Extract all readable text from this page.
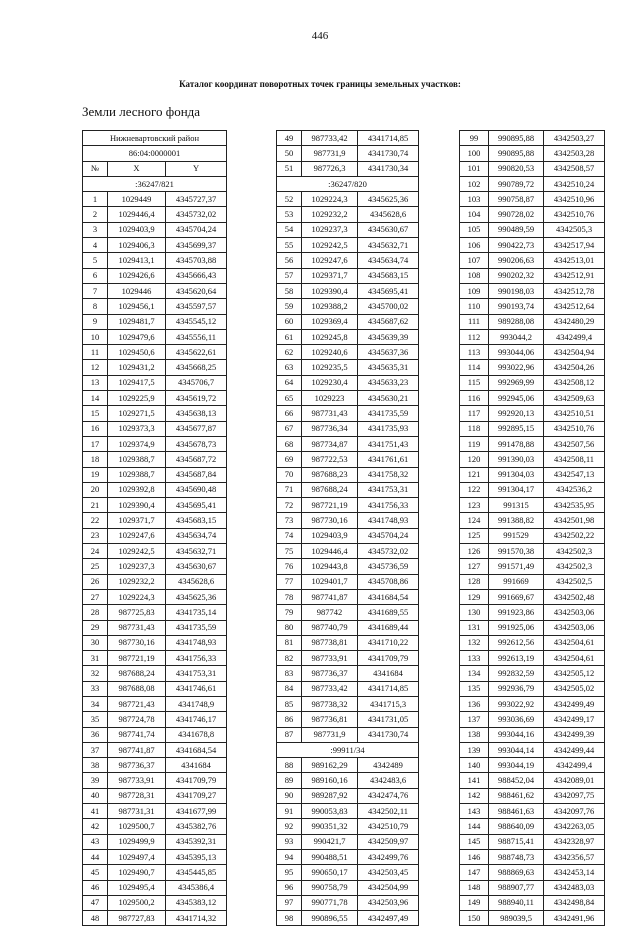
446
Каталог координат поворотных точек границы земельных участков:
Земли лесного фонда
Нижневартовский район		
86:04:0000001		
№	X	Y
:36247/821		
1	1029449	4345727,37
2	1029446,4	4345732,02
3	1029403,9	4345704,24
4	1029406,3	4345699,37
5	1029413,1	4345703,88
6	1029426,6	4345666,43
7	1029446	4345620,64
8	1029456,1	4345597,57
9	1029481,7	4345545,12
10	1029479,6	4345556,11
11	1029450,6	4345622,61
12	1029431,2	4345668,25
13	1029417,5	4345706,7
14	1029225,9	4345619,72
15	1029271,5	4345638,13
16	1029373,3	4345677,87
17	1029374,9	4345678,73
18	1029388,7	4345687,72
19	1029388,7	4345687,84
20	1029392,8	4345690,48
21	1029390,4	4345695,41
22	1029371,7	4345683,15
23	1029247,6	4345634,74
24	1029242,5	4345632,71
25	1029237,3	4345630,67
26	1029232,2	4345628,6
27	1029224,3	4345625,36
28	987725,83	4341735,14
29	987731,43	4341735,59
30	987730,16	4341748,93
31	987721,19	4341756,33
32	987688,24	4341753,31
33	987688,08	4341746,61
34	987721,43	4341748,9
35	987724,78	4341746,17
36	987741,74	4341678,8
37	987741,87	4341684,54
38	987736,37	4341684
39	987733,91	4341709,79
40	987728,31	4341709,27
41	987731,31	4341677,99
42	1029500,7	4345382,76
43	1029499,9	4345392,31
44	1029497,4	4345395,13
45	1029490,7	4345445,85
46	1029495,4	4345386,4
47	1029500,2	4345383,12
48	987727,83	4341714,32
49	987733,42	4341714,85
50	987731,9	4341730,74
51	987726,3	4341730,34
:36247/820		
52	1029224,3	4345625,36
53	1029232,2	4345628,6
54	1029237,3	4345630,67
55	1029242,5	4345632,71
56	1029247,6	4345634,74
57	1029371,7	4345683,15
58	1029390,4	4345695,41
59	1029388,2	4345700,02
60	1029369,4	4345687,62
61	1029245,8	4345639,39
62	1029240,6	4345637,36
63	1029235,5	4345635,31
64	1029230,4	4345633,23
65	1029223	4345630,21
66	987731,43	4341735,59
67	987736,34	4341735,93
68	987734,87	4341751,43
69	987722,53	4341761,61
70	987688,23	4341758,32
71	987688,24	4341753,31
72	987721,19	4341756,33
73	987730,16	4341748,93
74	1029403,9	4345704,24
75	1029446,4	4345732,02
76	1029443,8	4345736,59
77	1029401,7	4345708,86
78	987741,87	4341684,54
79	987742	4341689,55
80	987740,79	4341689,44
81	987738,81	4341710,22
82	987733,91	4341709,79
83	987736,37	4341684
84	987733,42	4341714,85
85	987738,32	4341715,3
86	987736,81	4341731,05
87	987731,9	4341730,74
:99911/34		
88	989162,29	4342489
89	989160,16	4342483,6
90	989287,92	4342474,76
91	990053,83	4342502,11
92	990351,32	4342510,79
93	990421,7	4342509,97
94	990488,51	4342499,76
95	990650,17	4342503,45
96	990758,79	4342504,99
97	990771,78	4342503,96
98	990896,55	4342497,49
99	990895,88	4342503,27
100	990895,88	4342503,28
101	990820,53	4342508,57
102	990789,72	4342510,24
103	990758,87	4342510,96
104	990728,02	4342510,76
105	990489,59	4342505,3
106	990422,73	4342517,94
107	990206,63	4342513,01
108	990202,32	4342512,91
109	990198,03	4342512,78
110	990193,74	4342512,64
111	989288,08	4342480,29
112	993044,2	4342499,4
113	993044,06	4342504,94
114	993022,96	4342504,26
115	992969,99	4342508,12
116	992945,06	4342509,63
117	992920,13	4342510,51
118	992895,15	4342510,76
119	991478,88	4342507,56
120	991390,03	4342508,11
121	991304,03	4342547,13
122	991304,17	4342536,2
123	991315	4342535,95
124	991388,82	4342501,98
125	991529	4342502,22
126	991570,38	4342502,3
127	991571,49	4342502,3
128	991669	4342502,5
129	991669,67	4342502,48
130	991923,86	4342503,06
131	991925,06	4342503,06
132	992612,56	4342504,61
133	992613,19	4342504,61
134	992832,59	4342505,12
135	992936,79	4342505,02
136	993022,92	4342499,49
137	993036,69	4342499,17
138	993044,16	4342499,39
139	993044,14	4342499,44
140	993044,19	4342499,4
141	988452,04	4342089,01
142	988461,62	4342097,75
143	988461,63	4342097,76
144	988640,09	4342263,05
145	988715,41	4342328,97
146	988748,73	4342356,57
147	988869,63	4342453,14
148	988907,77	4342483,03
149	988940,11	4342498,84
150	989039,5	4342491,96
